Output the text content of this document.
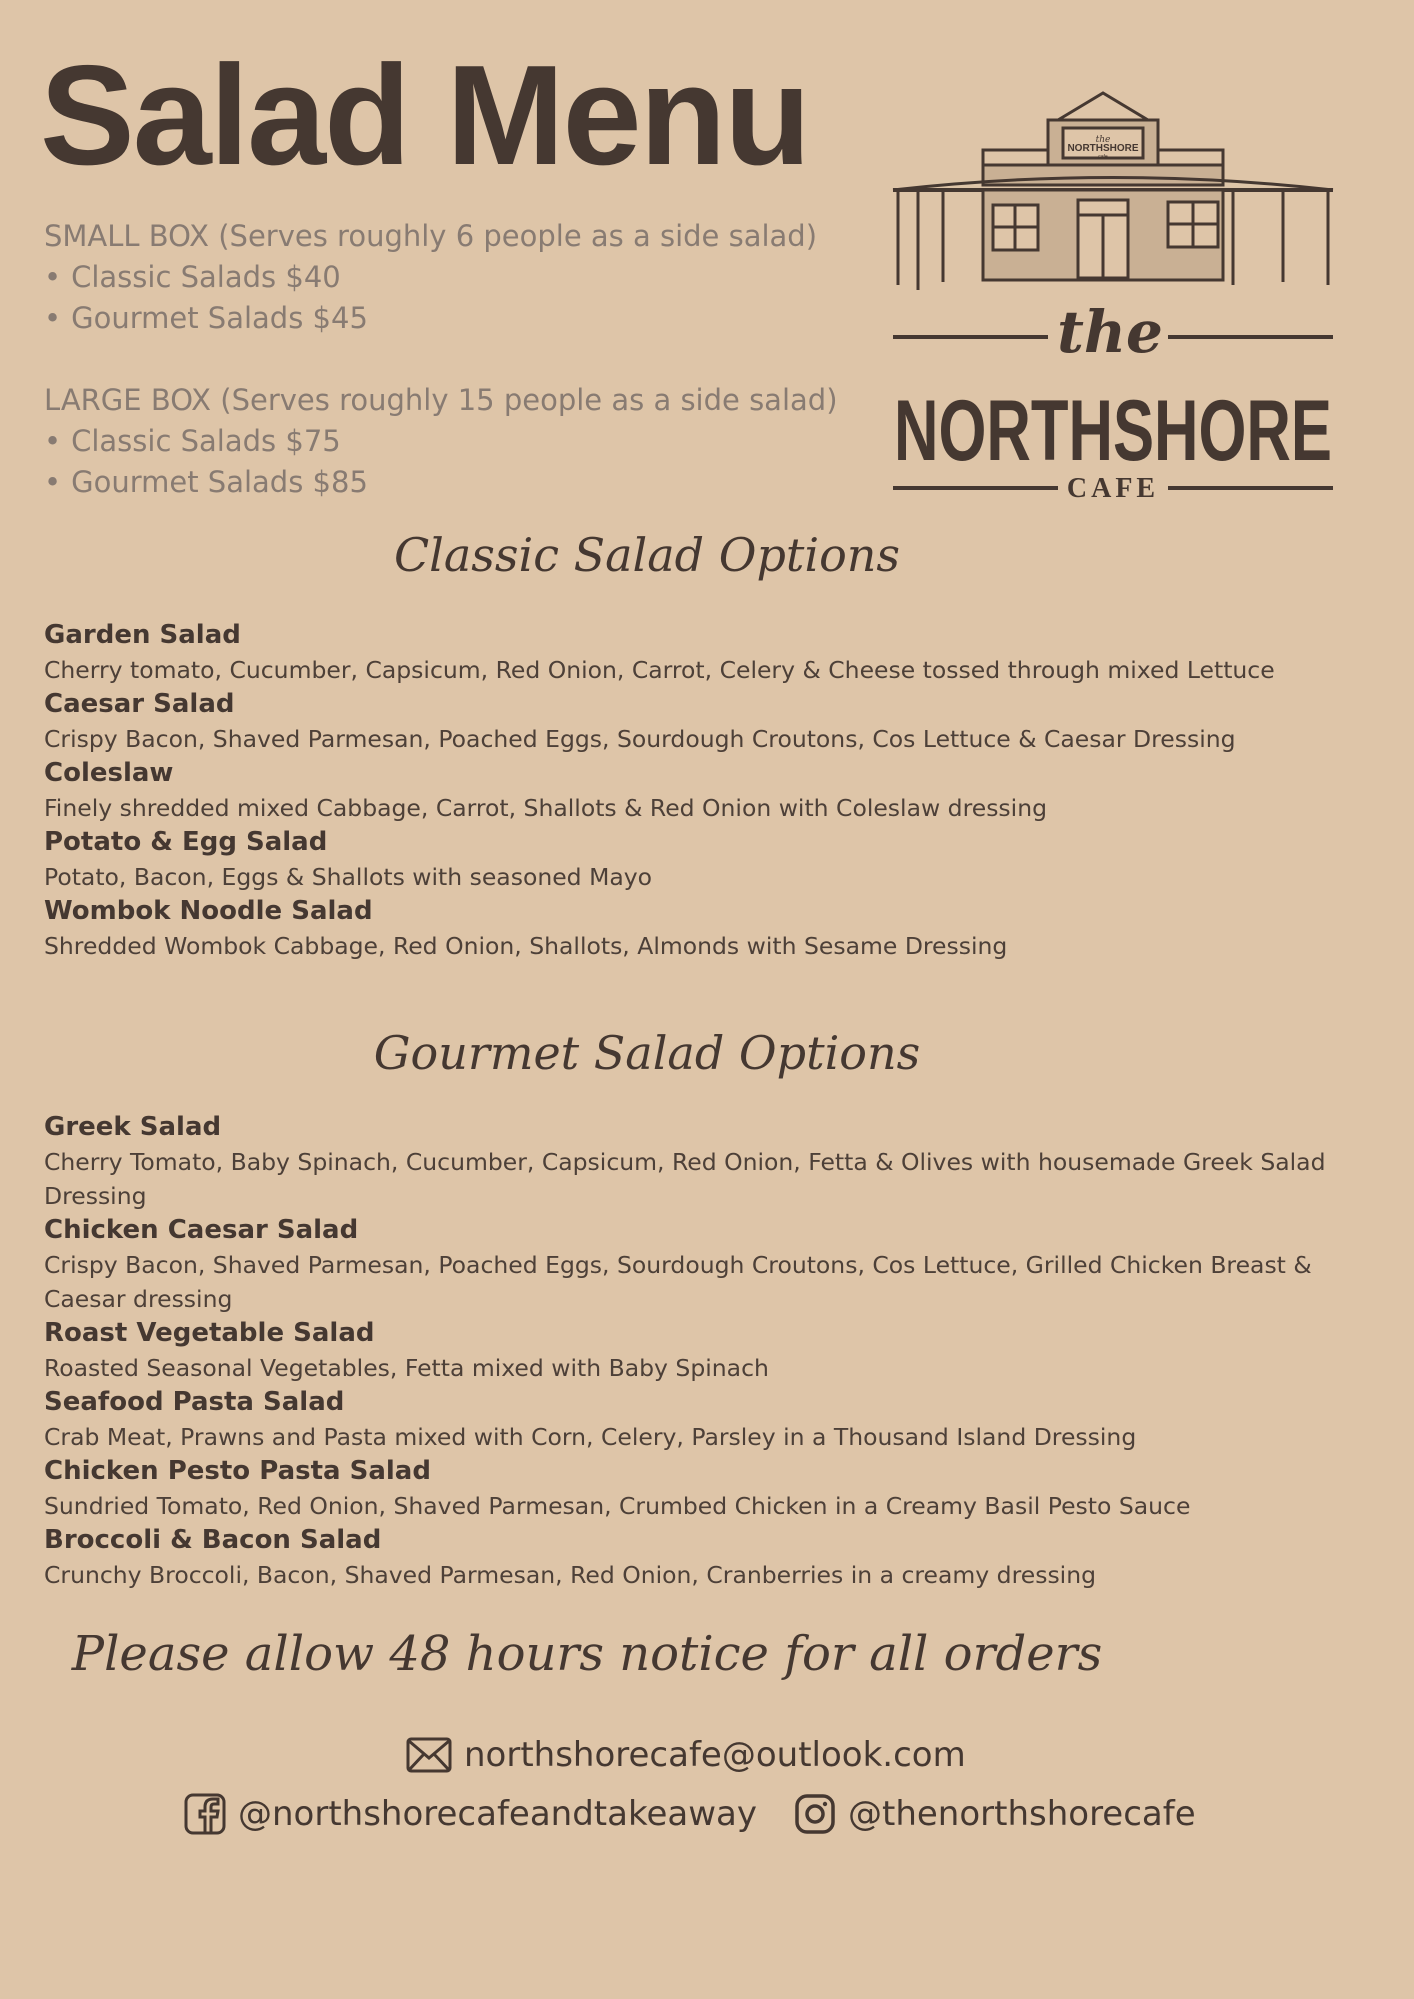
Salad Menu
SMALL BOX (Serves roughly 6 people as a side salad)
• Classic Salads $40
• Gourmet Salads $45
LARGE BOX (Serves roughly 15 people as a side salad)
• Classic Salads $75
• Gourmet Salads $85
the
NORTHSHORE
cafe
the
NORTHSHORE
CAFE
Classic Salad Options
Garden Salad
Cherry tomato, Cucumber, Capsicum, Red Onion, Carrot, Celery & Cheese tossed through mixed Lettuce
Caesar Salad
Crispy Bacon, Shaved Parmesan, Poached Eggs, Sourdough Croutons, Cos Lettuce & Caesar Dressing
Coleslaw
Finely shredded mixed Cabbage, Carrot, Shallots & Red Onion with Coleslaw dressing
Potato & Egg Salad
Potato, Bacon, Eggs & Shallots with seasoned Mayo
Wombok Noodle Salad
Shredded Wombok Cabbage, Red Onion, Shallots, Almonds with Sesame Dressing
Gourmet Salad Options
Greek Salad
Cherry Tomato, Baby Spinach, Cucumber, Capsicum, Red Onion, Fetta & Olives with housemade Greek Salad Dressing
Chicken Caesar Salad
Crispy Bacon, Shaved Parmesan, Poached Eggs, Sourdough Croutons, Cos Lettuce, Grilled Chicken Breast & Caesar dressing
Roast Vegetable Salad
Roasted Seasonal Vegetables, Fetta mixed with Baby Spinach
Seafood Pasta Salad
Crab Meat, Prawns and Pasta mixed with Corn, Celery, Parsley in a Thousand Island Dressing
Chicken Pesto Pasta Salad
Sundried Tomato, Red Onion, Shaved Parmesan, Crumbed Chicken in a Creamy Basil Pesto Sauce
Broccoli & Bacon Salad
Crunchy Broccoli, Bacon, Shaved Parmesan, Red Onion, Cranberries in a creamy dressing
Please allow 48 hours notice for all orders
northshorecafe@outlook.com
@northshorecafeandtakeaway	@thenorthshorecafe
